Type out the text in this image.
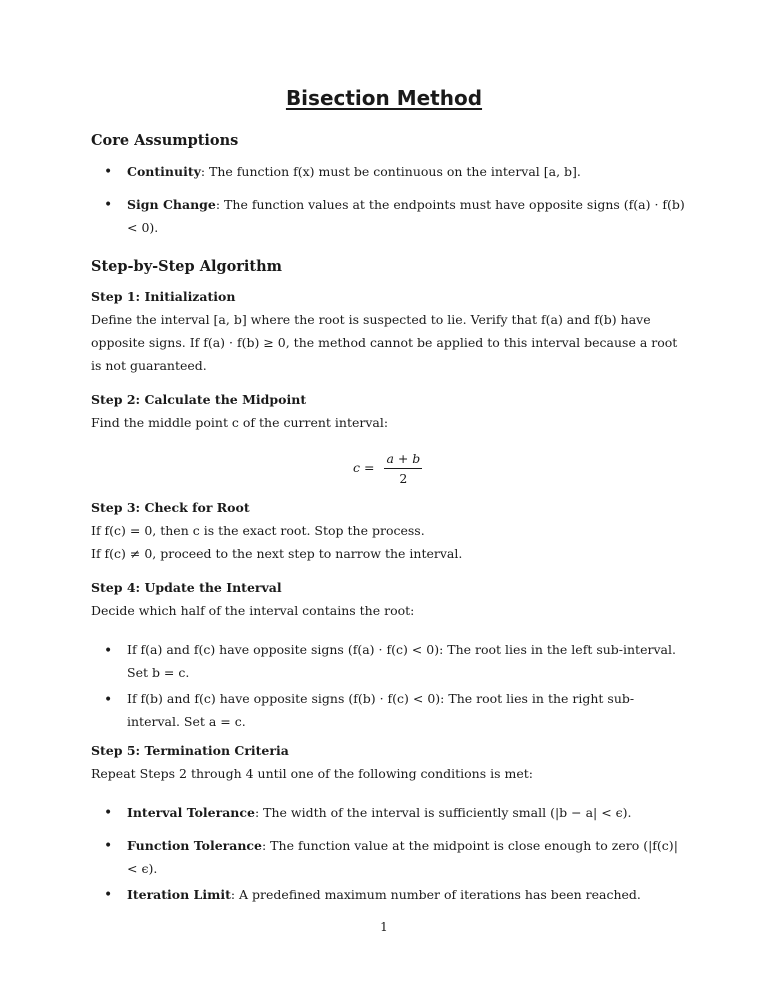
Bisection Method
Core Assumptions
• Continuity: The function f(x) must be continuous on the interval [a, b].
• Sign Change: The function values at the endpoints must have opposite signs (f(a) · f(b) < 0).
Step-by-Step Algorithm
Step 1: Initialization
Define the interval [a, b] where the root is suspected to lie. Verify that f(a) and f(b) have opposite signs. If f(a) · f(b) ≥ 0, the method cannot be applied to this interval because a root is not guaranteed.
Step 2: Calculate the Midpoint
Find the middle point c of the current interval:
$c = \frac{a + b}{2}$
Step 3: Check for Root
If f(c) = 0, then c is the exact root. Stop the process.
If f(c) ≠ 0, proceed to the next step to narrow the interval.
Step 4: Update the Interval
Decide which half of the interval contains the root:
• If f(a) and f(c) have opposite signs (f(a) · f(c) < 0): The root lies in the left sub-interval. Set b = c.
• If f(b) and f(c) have opposite signs (f(b) · f(c) < 0): The root lies in the right sub-interval. Set a = c.
Step 5: Termination Criteria
Repeat Steps 2 through 4 until one of the following conditions is met:
• Interval Tolerance: The width of the interval is sufficiently small (|b − a| < ϵ).
• Function Tolerance: The function value at the midpoint is close enough to zero (|f(c)| < ϵ).
• Iteration Limit: A predefined maximum number of iterations has been reached.
1
